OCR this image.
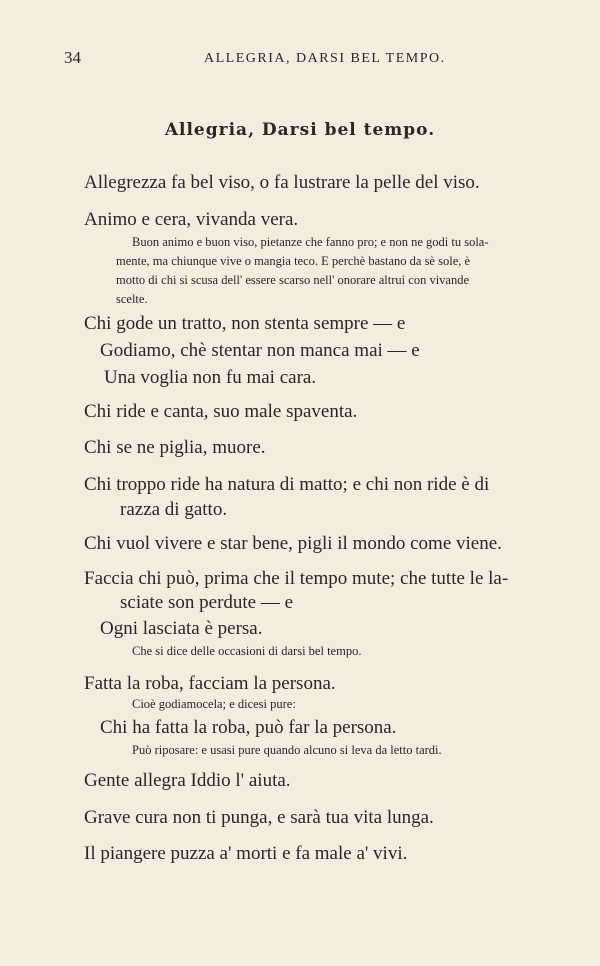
34	ALLEGRIA, DARSI BEL TEMPO.
Allegria, Darsi bel tempo.
Allegrezza fa bel viso, o fa lustrare la pelle del viso.
Animo e cera, vivanda vera.
Buon animo e buon viso, pietanze che fanno pro; e non ne godi tu sola-
mente, ma chiunque vive o mangia teco. E perchè bastano da sè sole, è
motto di chi si scusa dell' essere scarso nell' onorare altrui con vivande
scelte.
Chi gode un tratto, non stenta sempre — e
Godiamo, chè stentar non manca mai — e
Una voglia non fu mai cara.
Chi ride e canta, suo male spaventa.
Chi se ne piglia, muore.
Chi troppo ride ha natura di matto; e chi non ride è di
razza di gatto.
Chi vuol vivere e star bene, pigli il mondo come viene.
Faccia chi può, prima che il tempo mute; che tutte le la-
sciate son perdute — e
Ogni lasciata è persa.
Che si dice delle occasioni di darsi bel tempo.
Fatta la roba, facciam la persona.
Cioè godiamocela; e dicesi pure:
Chi ha fatta la roba, può far la persona.
Può riposare: e usasi pure quando alcuno si leva da letto tardi.
Gente allegra Iddio l' aiuta.
Grave cura non ti punga, e sarà tua vita lunga.
Il piangere puzza a' morti e fa male a' vivi.
